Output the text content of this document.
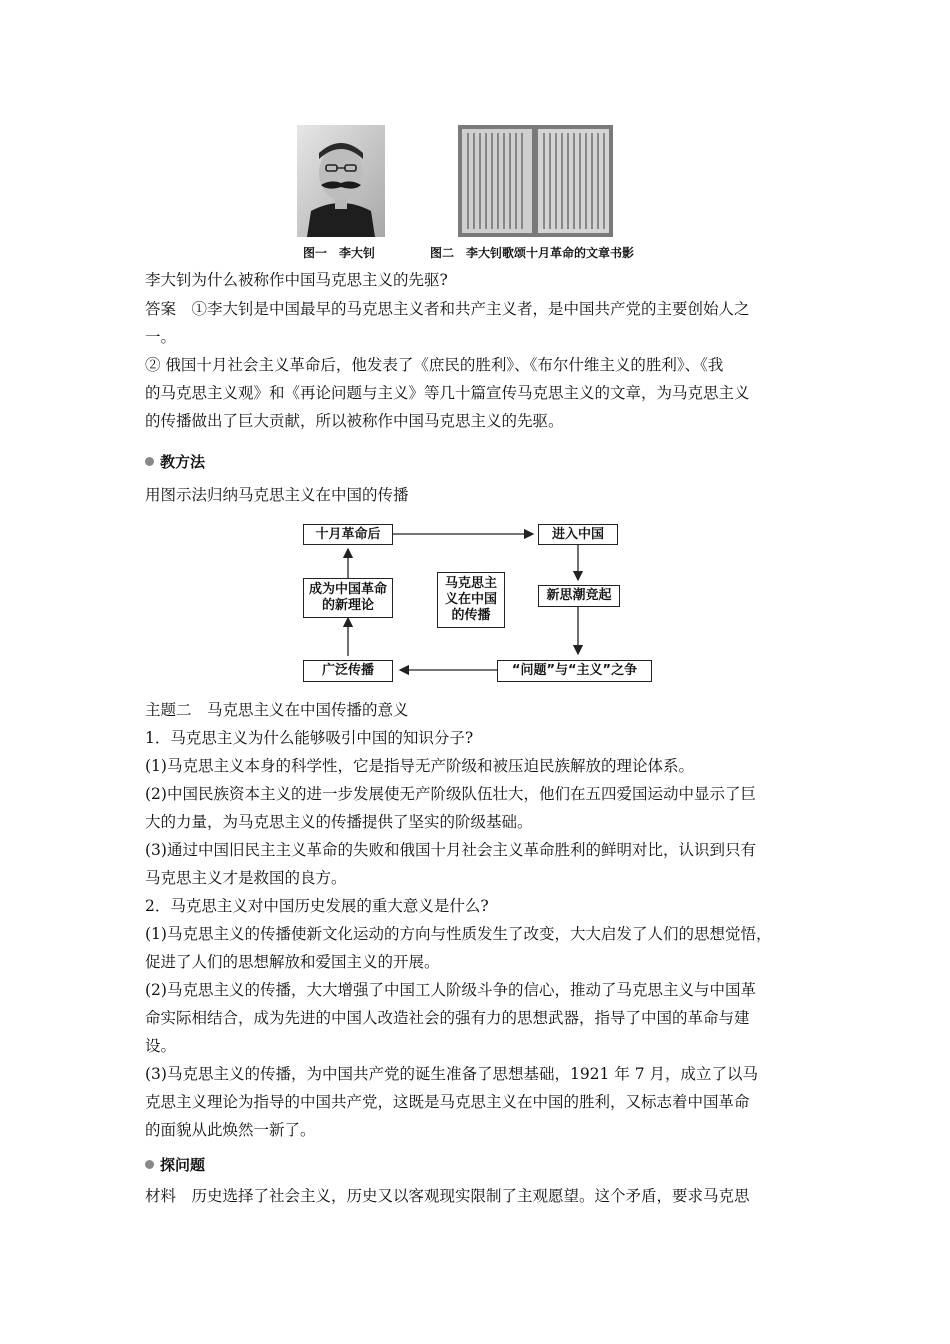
图一　李大钊	图二　李大钊歌颂十月革命的文章书影
李大钊为什么被称作中国马克思主义的先驱?
答案　①李大钊是中国最早的马克思主义者和共产主义者，是中国共产党的主要创始人之
一。
② 俄国十月社会主义革命后，他发表了《庶民的胜利》、《布尔什维主义的胜利》、《我
的马克思主义观》和《再论问题与主义》等几十篇宣传马克思主义的文章，为马克思主义
的传播做出了巨大贡献，所以被称作中国马克思主义的先驱。
教方法
用图示法归纳马克思主义在中国的传播
十月革命后	进入中国
新思潮竞起
“问题”与“主义”之争
广泛传播
成为中国革命
的新理论
马克思主
义在中国
的传播
主题二　马克思主义在中国传播的意义
1．马克思主义为什么能够吸引中国的知识分子?
(1)马克思主义本身的科学性，它是指导无产阶级和被压迫民族解放的理论体系。
(2)中国民族资本主义的进一步发展使无产阶级队伍壮大，他们在五四爱国运动中显示了巨
大的力量，为马克思主义的传播提供了坚实的阶级基础。
(3)通过中国旧民主主义革命的失败和俄国十月社会主义革命胜利的鲜明对比，认识到只有
马克思主义才是救国的良方。
2．马克思主义对中国历史发展的重大意义是什么?
(1)马克思主义的传播使新文化运动的方向与性质发生了改变，大大启发了人们的思想觉悟，
促进了人们的思想解放和爱国主义的开展。
(2)马克思主义的传播，大大增强了中国工人阶级斗争的信心，推动了马克思主义与中国革
命实际相结合，成为先进的中国人改造社会的强有力的思想武器，指导了中国的革命与建
设。
(3)马克思主义的传播，为中国共产党的诞生准备了思想基础，1921 年 7 月，成立了以马
克思主义理论为指导的中国共产党，这既是马克思主义在中国的胜利，又标志着中国革命
的面貌从此焕然一新了。
探问题
材料　历史选择了社会主义，历史又以客观现实限制了主观愿望。这个矛盾，要求马克思
